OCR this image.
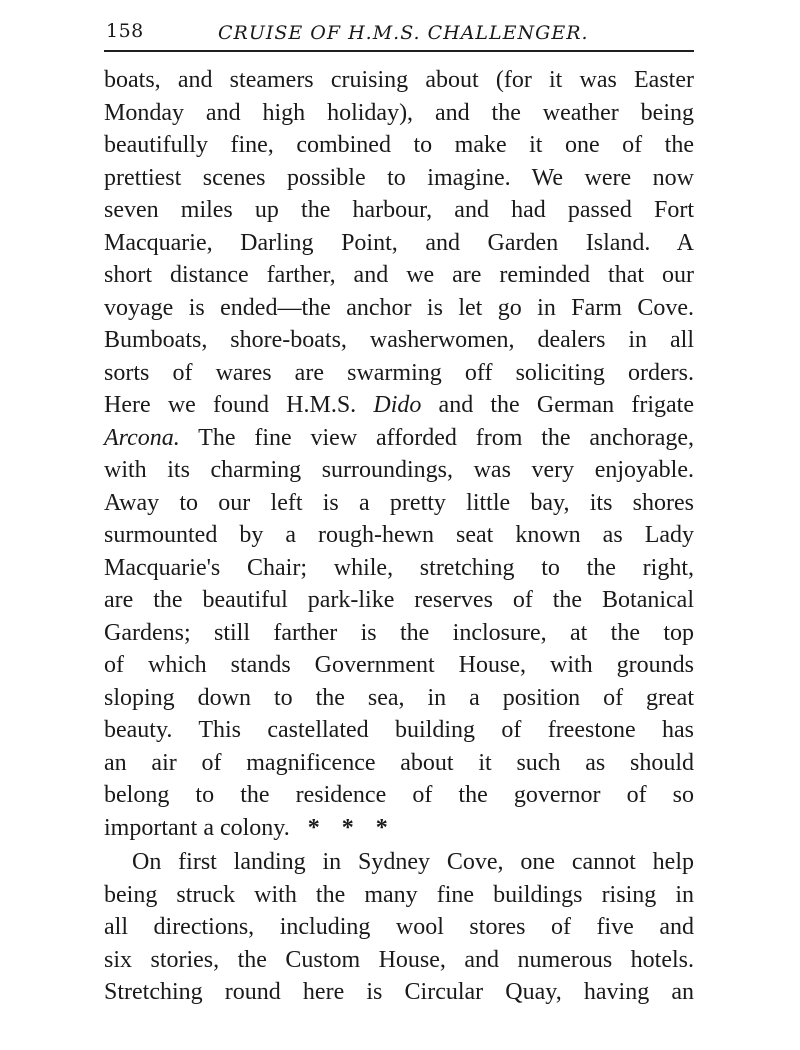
158	CRUISE OF H.M.S. CHALLENGER.
boats, and steamers cruising about (for it was Easter
Monday and high holiday), and the weather being
beautifully fine, combined to make it one of the
prettiest scenes possible to imagine. We were now
seven miles up the harbour, and had passed Fort
Macquarie, Darling Point, and Garden Island. A
short distance farther, and we are reminded that our
voyage is ended—the anchor is let go in Farm Cove.
Bumboats, shore-boats, washerwomen, dealers in all
sorts of wares are swarming off soliciting orders.
Here we found H.M.S. Dido and the German frigate
Arcona. The fine view afforded from the anchorage,
with its charming surroundings, was very enjoyable.
Away to our left is a pretty little bay, its shores
surmounted by a rough-hewn seat known as Lady
Macquarie's Chair; while, stretching to the right,
are the beautiful park-like reserves of the Botanical
Gardens; still farther is the inclosure, at the top
of which stands Government House, with grounds
sloping down to the sea, in a position of great
beauty. This castellated building of freestone has
an air of magnificence about it such as should
belong to the residence of the governor of so
important a colony. * * *
On first landing in Sydney Cove, one cannot help
being struck with the many fine buildings rising in
all directions, including wool stores of five and
six stories, the Custom House, and numerous hotels.
Stretching round here is Circular Quay, having an
